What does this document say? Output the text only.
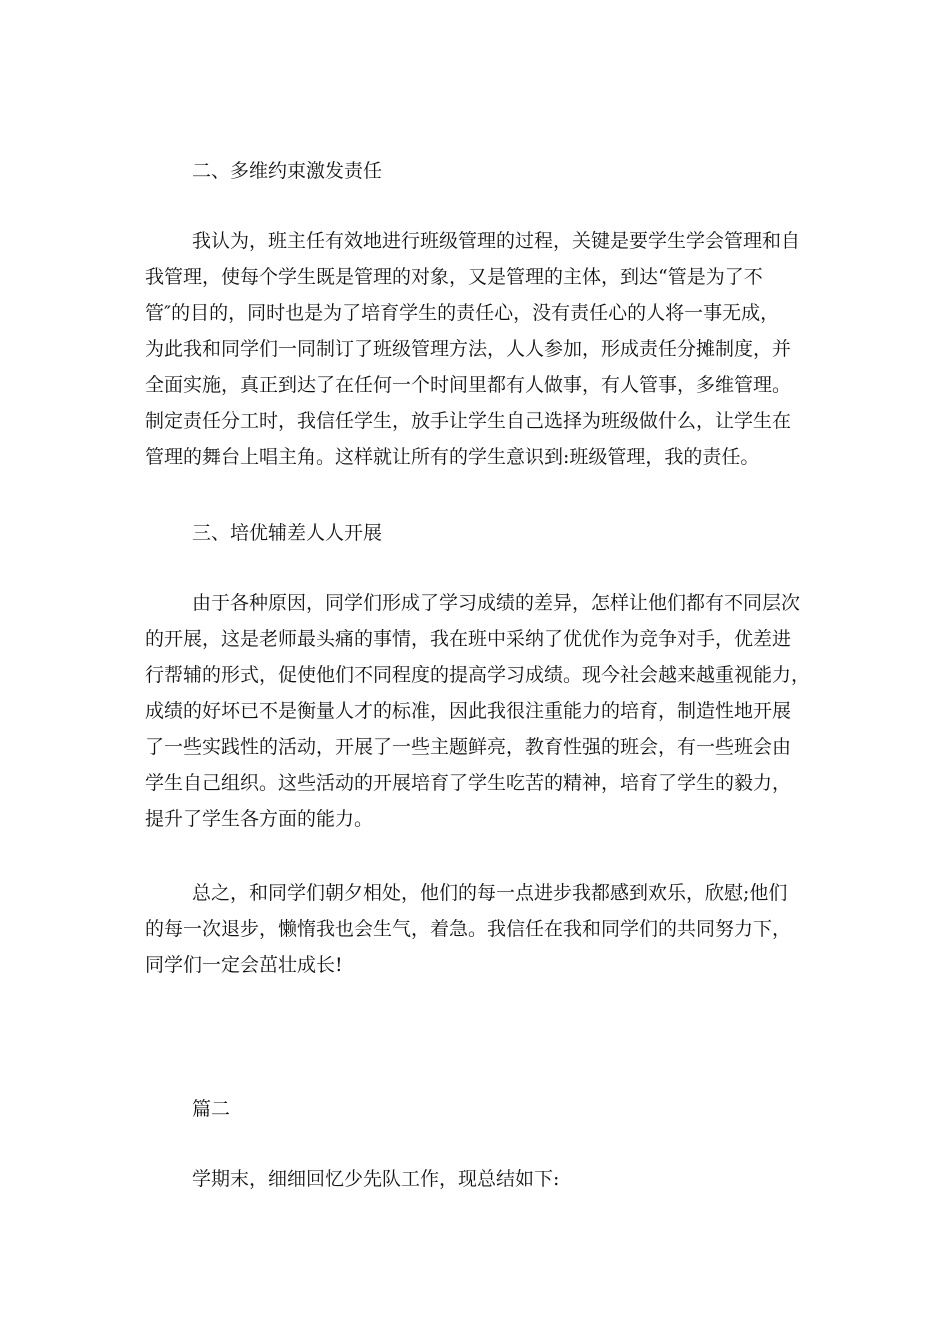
二、多维约束激发责任

我认为，班主任有效地进行班级管理的过程，关键是要学生学会管理和自
我管理，使每个学生既是管理的对象，又是管理的主体，到达“管是为了不
管″的目的，同时也是为了培育学生的责任心，没有责任心的人将一事无成，
为此我和同学们一同制订了班级管理方法，人人参加，形成责任分摊制度，并
全面实施，真正到达了在任何一个时间里都有人做事，有人管事，多维管理。
制定责任分工时，我信任学生，放手让学生自己选择为班级做什么，让学生在
管理的舞台上唱主角。这样就让所有的学生意识到:班级管理，我的责任。

三、培优辅差人人开展

由于各种原因，同学们形成了学习成绩的差异，怎样让他们都有不同层次
的开展，这是老师最头痛的事情，我在班中采纳了优优作为竞争对手，优差进
行帮辅的形式，促使他们不同程度的提高学习成绩。现今社会越来越重视能力，
成绩的好坏已不是衡量人才的标准，因此我很注重能力的培育，制造性地开展
了一些实践性的活动，开展了一些主题鲜亮，教育性强的班会，有一些班会由
学生自己组织。这些活动的开展培育了学生吃苦的精神，培育了学生的毅力，
提升了学生各方面的能力。

总之，和同学们朝夕相处，他们的每一点进步我都感到欢乐，欣慰;他们
的每一次退步，懒惰我也会生气，着急。我信任在我和同学们的共同努力下，
同学们一定会茁壮成长!

篇二

学期末，细细回忆少先队工作，现总结如下:
